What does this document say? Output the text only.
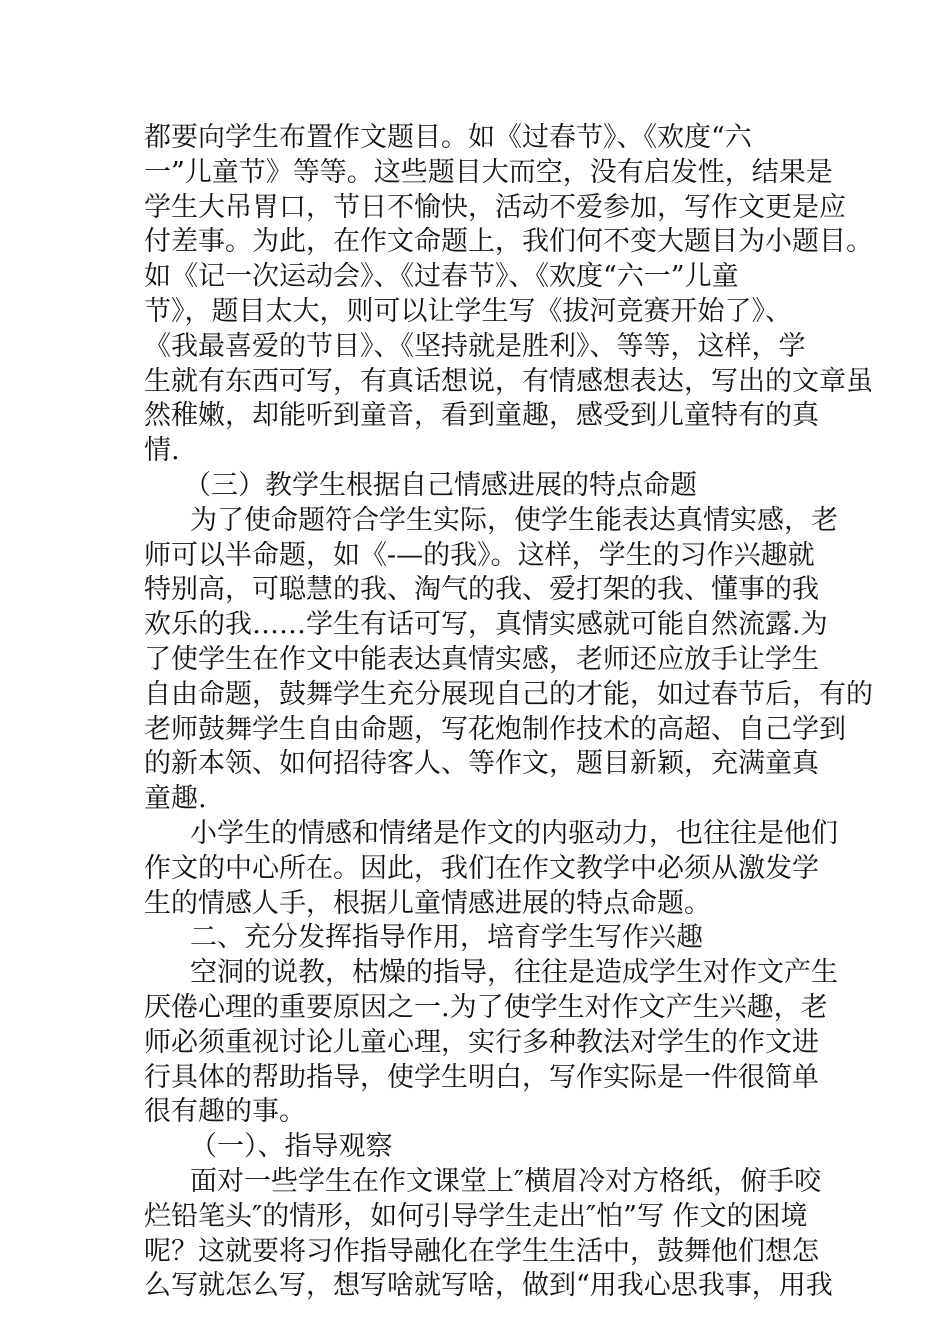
都要向学生布置作文题目。如《过春节》、《欢度“六
一”儿童节》等等。这些题目大而空，没有启发性，结果是
学生大吊胃口，节日不愉快，活动不爱参加，写作文更是应
付差事。为此，在作文命题上，我们何不变大题目为小题目。
如《记一次运动会》、《过春节》、《欢度“六一”儿童
节》，题目太大，则可以让学生写《拔河竞赛开始了》、
《我最喜爱的节目》、《坚持就是胜利》、等等，这样，学
生就有东西可写，有真话想说，有情感想表达，写出的文章虽
然稚嫩，却能听到童音，看到童趣，感受到儿童特有的真
情.
（三）教学生根据自己情感进展的特点命题
为了使命题符合学生实际，使学生能表达真情实感，老
师可以半命题，如《-—的我》。这样，学生的习作兴趣就
特别高，可聪慧的我、淘气的我、爱打架的我、懂事的我
欢乐的我……学生有话可写，真情实感就可能自然流露.为
了使学生在作文中能表达真情实感，老师还应放手让学生
自由命题，鼓舞学生充分展现自己的才能，如过春节后，有的
老师鼓舞学生自由命题，写花炮制作技术的高超、自己学到
的新本领、如何招待客人、等作文，题目新颖，充满童真
童趣.
小学生的情感和情绪是作文的内驱动力，也往往是他们
作文的中心所在。因此，我们在作文教学中必须从激发学
生的情感人手，根据儿童情感进展的特点命题。
二、充分发挥指导作用，培育学生写作兴趣
空洞的说教，枯燥的指导，往往是造成学生对作文产生
厌倦心理的重要原因之一.为了使学生对作文产生兴趣，老
师必须重视讨论儿童心理，实行多种教法对学生的作文进
行具体的帮助指导，使学生明白，写作实际是一件很简单
很有趣的事。
（一）、指导观察
面对一些学生在作文课堂上″横眉冷对方格纸，俯手咬
烂铅笔头″的情形，如何引导学生走出″怕”写 作文的困境
呢？这就要将习作指导融化在学生生活中，鼓舞他们想怎
么写就怎么写，想写啥就写啥，做到“用我心思我事，用我
